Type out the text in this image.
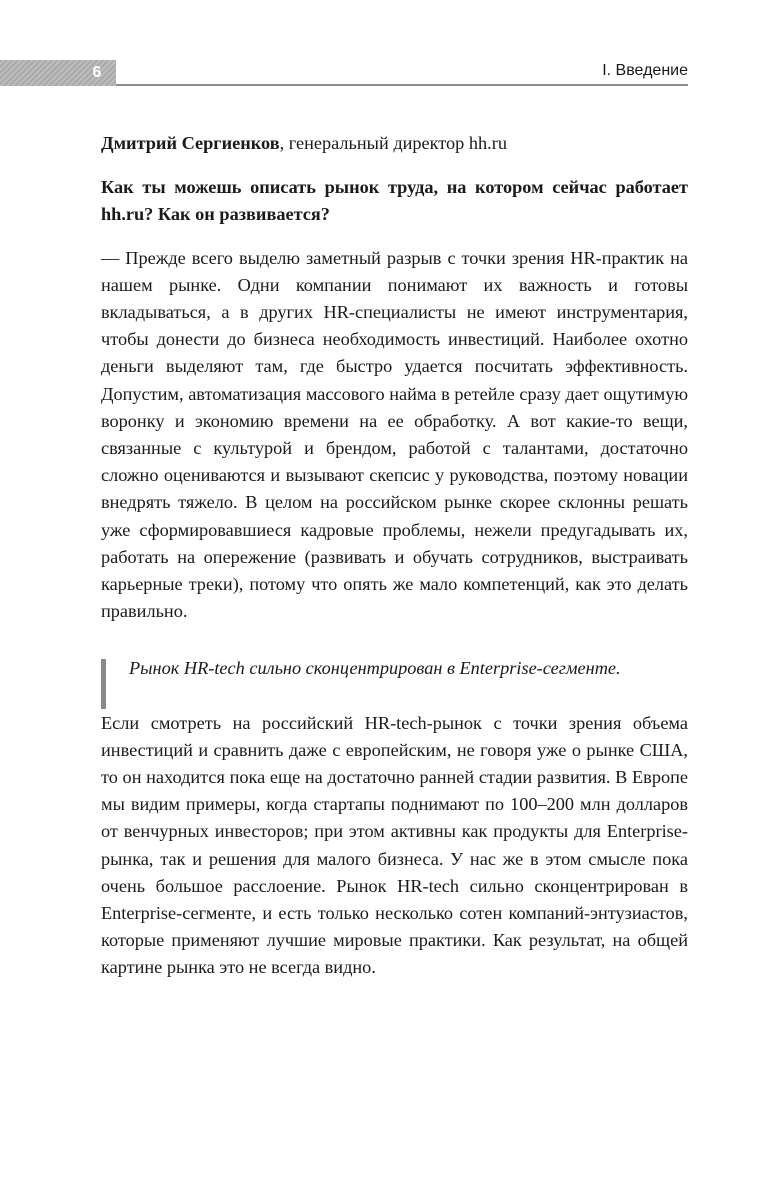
6	I. Введение

Дмитрий Сергиенков, генеральный директор hh.ru

Как ты можешь описать рынок труда, на котором сейчас работает hh.ru? Как он развивается?

— Прежде всего выделю заметный разрыв с точки зрения HR-практик на нашем рынке. Одни компании понимают их важность и готовы вкладываться, а в других HR-специалисты не имеют инструментария, чтобы донести до бизнеса необходимость инвестиций. Наиболее охотно деньги выделяют там, где быстро удается посчитать эффективность. Допустим, автоматизация массового найма в ретейле сразу дает ощутимую воронку и экономию времени на ее обработку. А вот какие-то вещи, связанные с культурой и брендом, работой с талантами, достаточно сложно оцениваются и вызывают скепсис у руководства, поэтому новации внедрять тяжело. В целом на российском рынке скорее склонны решать уже сформировавшиеся кадровые проблемы, нежели предугадывать их, работать на опережение (развивать и обучать сотрудников, выстраивать карьерные треки), потому что опять же мало компетенций, как это делать правильно.

Рынок HR-tech сильно сконцентрирован в Enterprise-сегменте.

Если смотреть на российский HR-tech-рынок с точки зрения объема инвестиций и сравнить даже с европейским, не говоря уже о рынке США, то он находится пока еще на достаточно ранней стадии развития. В Европе мы видим примеры, когда стартапы поднимают по 100–200 млн долларов от венчурных инвесторов; при этом активны как продукты для Enterprise-рынка, так и решения для малого бизнеса. У нас же в этом смысле пока очень большое расслоение. Рынок HR-tech сильно сконцентрирован в Enterprise-сегменте, и есть только несколько сотен компаний-энтузиастов, которые применяют лучшие мировые практики. Как результат, на общей картине рынка это не всегда видно.
